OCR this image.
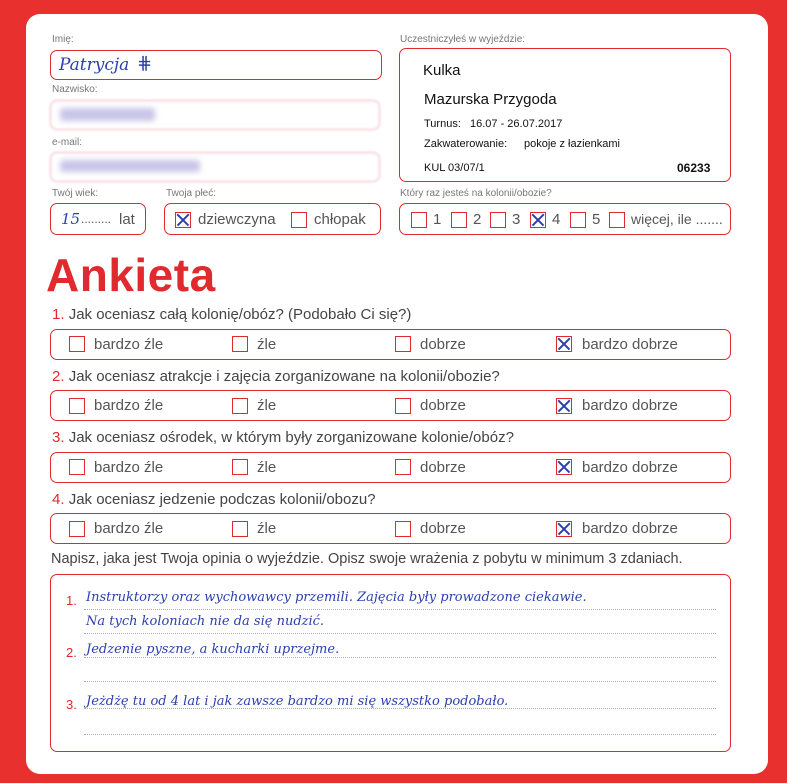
Imię:
Patrycja ⋕
Nazwisko:
e-mail:
Twój wiek:
15 ......... lat
Twoja płeć:
dziewczyna	chłopak
Uczestniczyłeś w wyjeździe:
Kulka
Mazurska Przygoda
Turnus: 16.07 - 26.07.2017
Zakwaterowanie: pokoje z łazienkami
KUL 03/07/1	06233
Który raz jesteś na kolonii/obozie?
1 2 3 4 5 więcej, ile .......
Ankieta
1. Jak oceniasz całą kolonię/obóz? (Podobało Ci się?)
bardzo źle	źle	dobrze	bardzo dobrze
2. Jak oceniasz atrakcje i zajęcia zorganizowane na kolonii/obozie?
bardzo źle	źle	dobrze	bardzo dobrze
3. Jak oceniasz ośrodek, w którym były zorganizowane kolonie/obóz?
bardzo źle	źle	dobrze	bardzo dobrze
4. Jak oceniasz jedzenie podczas kolonii/obozu?
bardzo źle	źle	dobrze	bardzo dobrze
Napisz, jaka jest Twoja opinia o wyjeździe. Opisz swoje wrażenia z pobytu w minimum 3 zdaniach.
1. Instruktorzy oraz wychowawcy przemili. Zajęcia były prowadzone ciekawie.
Na tych koloniach nie da się nudzić.
2. Jedzenie pyszne, a kucharki uprzejme.
3. Jeżdżę tu od 4 lat i jak zawsze bardzo mi się wszystko podobało.
